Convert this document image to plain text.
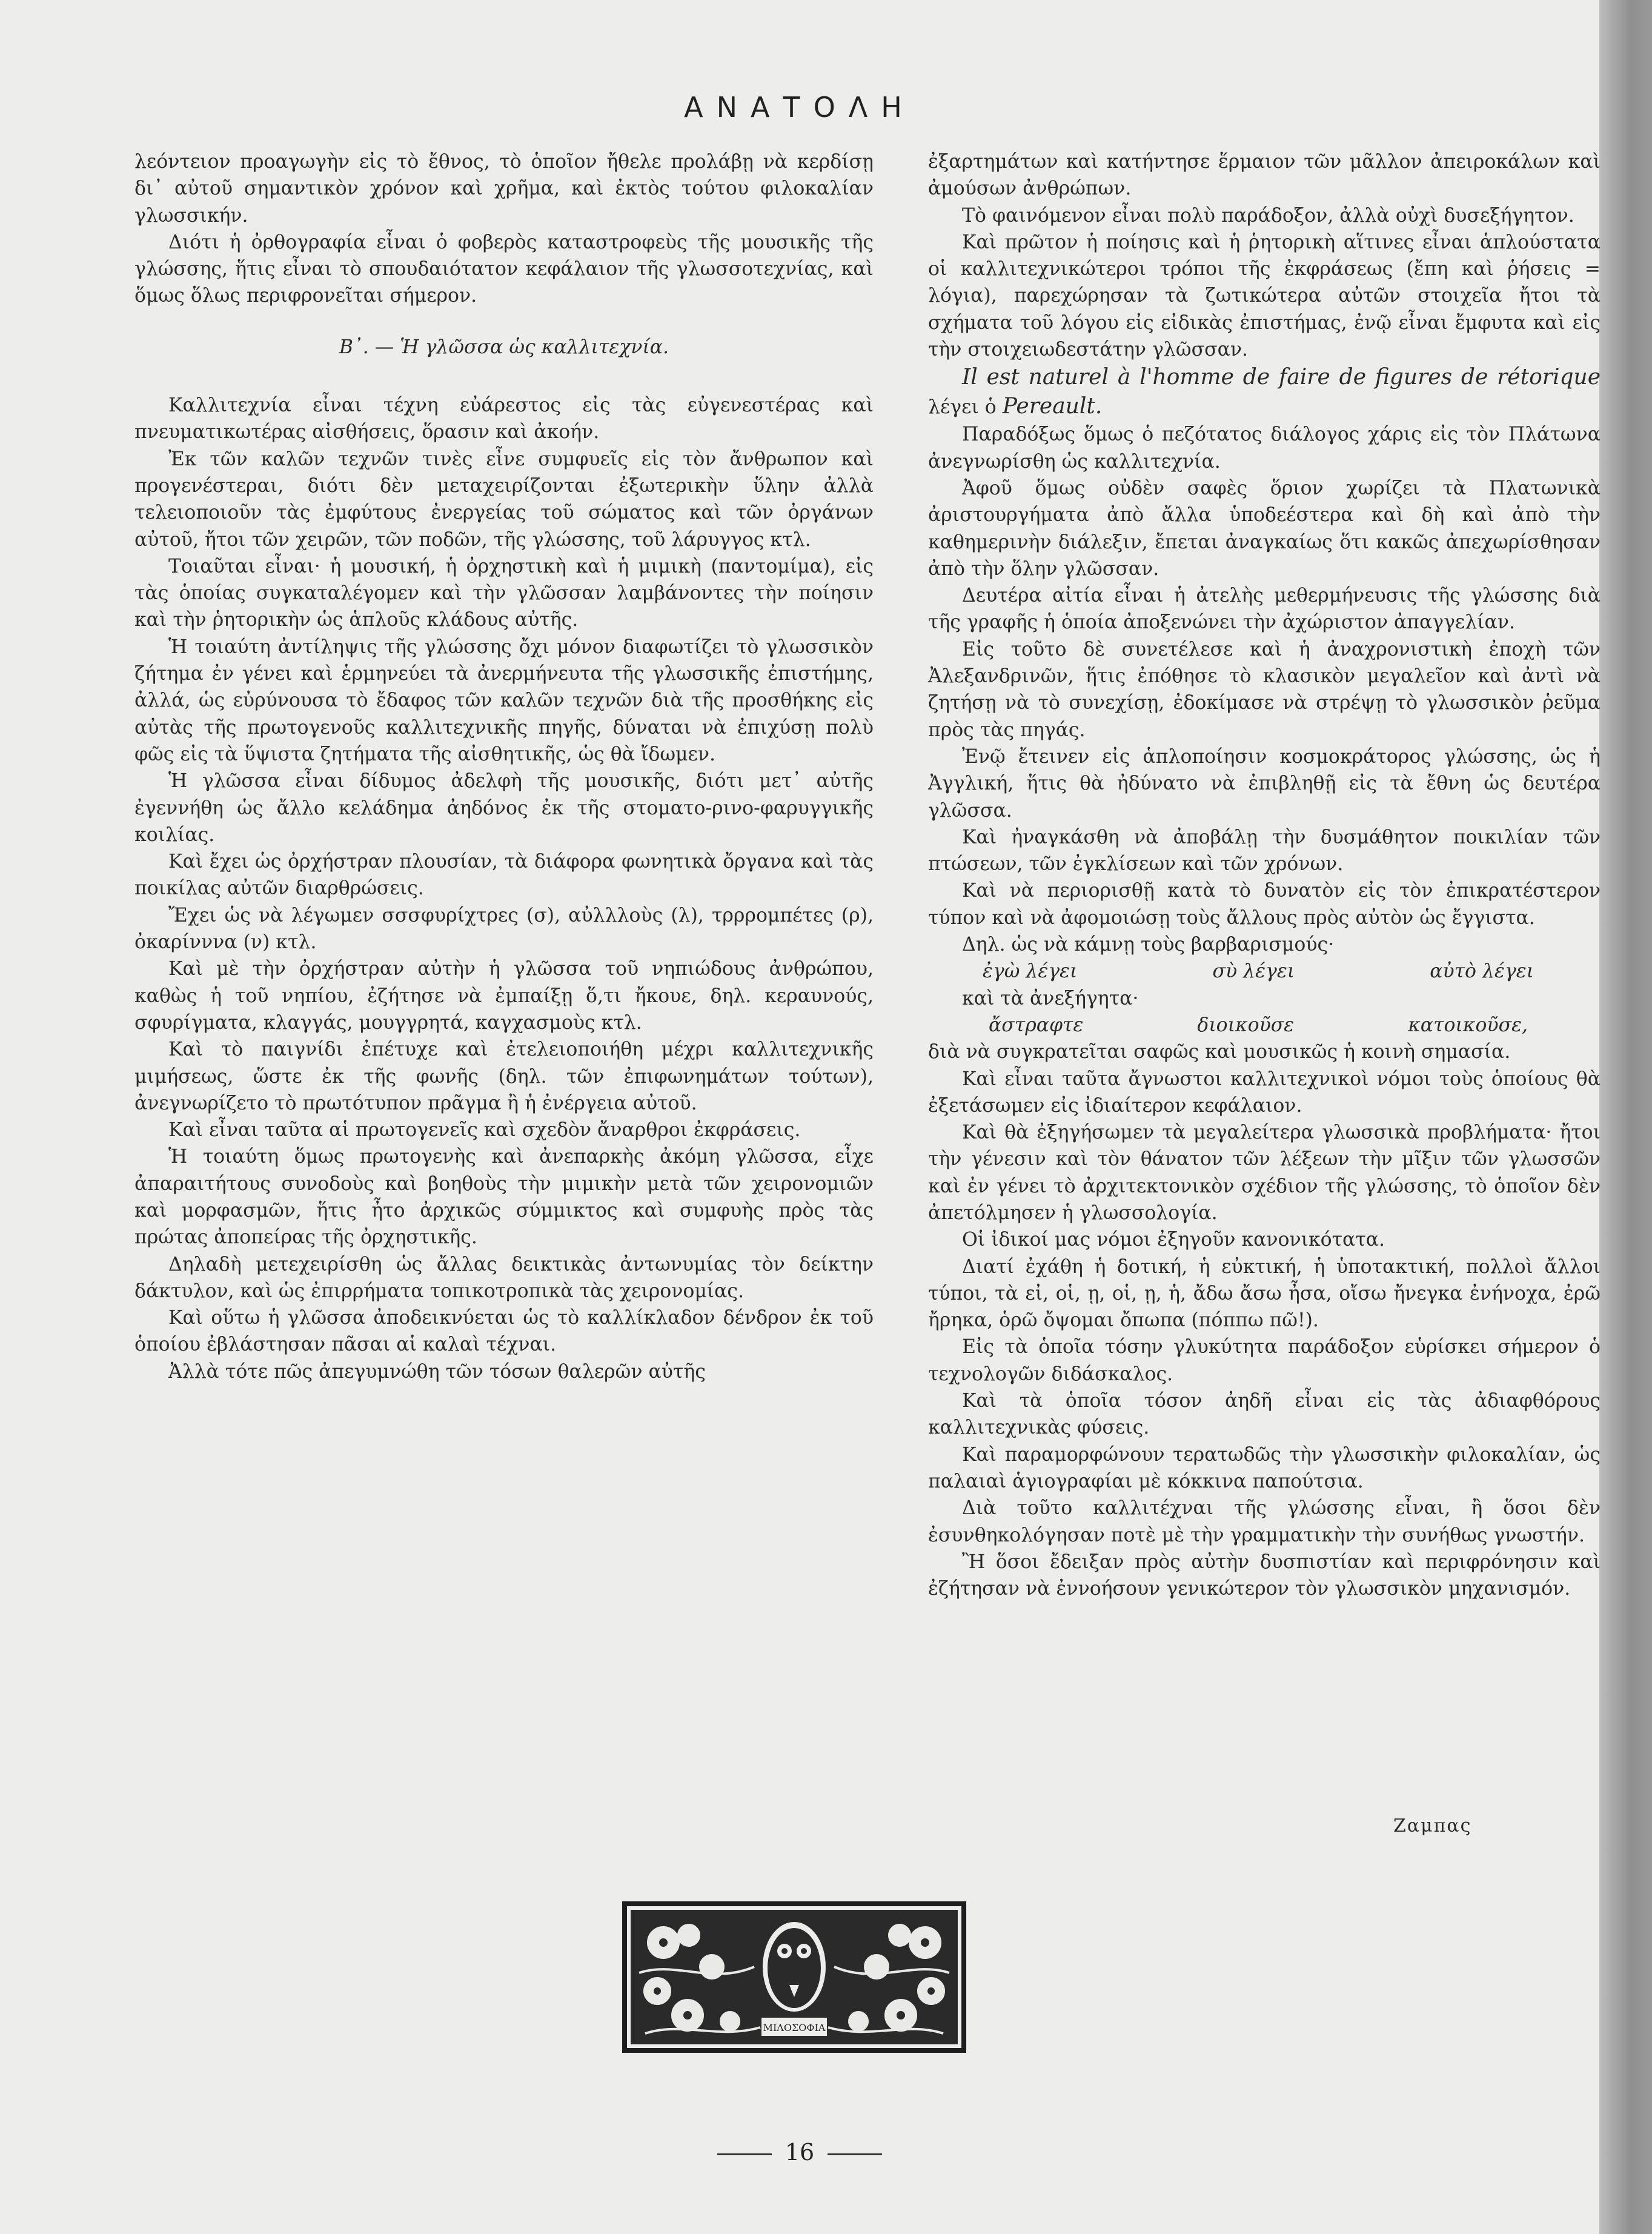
ΑΝΑΤΟΛΗ

λεόντειον προαγωγὴν εἰς τὸ ἔθνος, τὸ ὁποῖον ἤθελε προλάβῃ νὰ κερδίσῃ δι᾽ αὐτοῦ σημαντικὸν χρόνον καὶ χρῆμα, καὶ ἐκτὸς τούτου φιλοκαλίαν γλωσσικήν.

Διότι ἡ ὀρθογραφία εἶναι ὁ φοβερὸς καταστροφεὺς τῆς μουσικῆς τῆς γλώσσης, ἥτις εἶναι τὸ σπουδαιότατον κεφάλαιον τῆς γλωσσοτεχνίας, καὶ ὅμως ὅλως περιφρονεῖται σήμερον.

Β᾽. — Ἡ γλῶσσα ὡς καλλιτεχνία.

Καλλιτεχνία εἶναι τέχνη εὐάρεστος εἰς τὰς εὐγενεστέρας καὶ πνευματικωτέρας αἰσθήσεις, ὅρασιν καὶ ἀκοήν.

Ἐκ τῶν καλῶν τεχνῶν τινὲς εἶνε συμφυεῖς εἰς τὸν ἄνθρωπον καὶ προγενέστεραι, διότι δὲν μεταχειρίζονται ἐξωτερικὴν ὕλην ἀλλὰ τελειοποιοῦν τὰς ἐμφύτους ἐνεργείας τοῦ σώματος καὶ τῶν ὀργάνων αὐτοῦ, ἤτοι τῶν χειρῶν, τῶν ποδῶν, τῆς γλώσσης, τοῦ λάρυγγος κτλ.

Τοιαῦται εἶναι· ἡ μουσική, ἡ ὀρχηστικὴ καὶ ἡ μιμικὴ (παντομίμα), εἰς τὰς ὁποίας συγκαταλέγομεν καὶ τὴν γλῶσσαν λαμβάνοντες τὴν ποίησιν καὶ τὴν ῥητορικὴν ὡς ἁπλοῦς κλάδους αὐτῆς.

Ἡ τοιαύτη ἀντίληψις τῆς γλώσσης ὄχι μόνον διαφωτίζει τὸ γλωσσικὸν ζήτημα ἐν γένει καὶ ἑρμηνεύει τὰ ἀνερμήνευτα τῆς γλωσσικῆς ἐπιστήμης, ἀλλά, ὡς εὐρύνουσα τὸ ἔδαφος τῶν καλῶν τεχνῶν διὰ τῆς προσθήκης εἰς αὐτὰς τῆς πρωτογενοῦς καλλιτεχνικῆς πηγῆς, δύναται νὰ ἐπιχύσῃ πολὺ φῶς εἰς τὰ ὕψιστα ζητήματα τῆς αἰσθητικῆς, ὡς θὰ ἴδωμεν.

Ἡ γλῶσσα εἶναι δίδυμος ἀδελφὴ τῆς μουσικῆς, διότι μετ᾽ αὐτῆς ἐγεννήθη ὡς ἄλλο κελάδημα ἀηδόνος ἐκ τῆς στοματο-ρινο-φαρυγγικῆς κοιλίας.

Καὶ ἔχει ὡς ὀρχήστραν πλουσίαν, τὰ διάφορα φωνητικὰ ὄργανα καὶ τὰς ποικίλας αὐτῶν διαρθρώσεις.

Ἔχει ὡς νὰ λέγωμεν σσσφυρίχτρες (σ), αὐλλλοὺς (λ), τρρρομπέτες (ρ), ὀκαρίνννα (ν) κτλ.

Καὶ μὲ τὴν ὀρχήστραν αὐτὴν ἡ γλῶσσα τοῦ νηπιώδους ἀνθρώπου, καθὼς ἡ τοῦ νηπίου, ἐζήτησε νὰ ἐμπαίξῃ ὅ,τι ἤκουε, δηλ. κεραυνούς, σφυρίγματα, κλαγγάς, μουγγρητά, καγχασμοὺς κτλ.

Καὶ τὸ παιγνίδι ἐπέτυχε καὶ ἐτελειοποιήθη μέχρι καλλιτεχνικῆς μιμήσεως, ὥστε ἐκ τῆς φωνῆς (δηλ. τῶν ἐπιφωνημάτων τούτων), ἀνεγνωρίζετο τὸ πρωτότυπον πρᾶγμα ἢ ἡ ἐνέργεια αὐτοῦ.

Καὶ εἶναι ταῦτα αἱ πρωτογενεῖς καὶ σχεδὸν ἄναρθροι ἐκφράσεις.

Ἡ τοιαύτη ὅμως πρωτογενὴς καὶ ἀνεπαρκὴς ἀκόμη γλῶσσα, εἶχε ἀπαραιτήτους συνοδοὺς καὶ βοηθοὺς τὴν μιμικὴν μετὰ τῶν χειρονομιῶν καὶ μορφασμῶν, ἥτις ἦτο ἀρχικῶς σύμμικτος καὶ συμφυὴς πρὸς τὰς πρώτας ἀποπείρας τῆς ὀρχηστικῆς.

Δηλαδὴ μετεχειρίσθη ὡς ἄλλας δεικτικὰς ἀντωνυμίας τὸν δείκτην δάκτυλον, καὶ ὡς ἐπιρρήματα τοπικοτροπικὰ τὰς χειρονομίας.

Καὶ οὕτω ἡ γλῶσσα ἀποδεικνύεται ὡς τὸ καλλίκλαδον δένδρον ἐκ τοῦ ὁποίου ἐβλάστησαν πᾶσαι αἱ καλαὶ τέχναι.

Ἀλλὰ τότε πῶς ἀπεγυμνώθη τῶν τόσων θαλερῶν αὐτῆς

ἐξαρτημάτων καὶ κατήντησε ἕρμαιον τῶν μᾶλλον ἀπειροκάλων καὶ ἀμούσων ἀνθρώπων.

Τὸ φαινόμενον εἶναι πολὺ παράδοξον, ἀλλὰ οὐχὶ δυσεξήγητον.

Καὶ πρῶτον ἡ ποίησις καὶ ἡ ῥητορικὴ αἵτινες εἶναι ἁπλούστατα οἱ καλλιτεχνικώτεροι τρόποι τῆς ἐκφράσεως (ἔπη καὶ ῥήσεις = λόγια), παρεχώρησαν τὰ ζωτικώτερα αὐτῶν στοιχεῖα ἤτοι τὰ σχήματα τοῦ λόγου εἰς εἰδικὰς ἐπιστήμας, ἐνῷ εἶναι ἔμφυτα καὶ εἰς τὴν στοιχειωδεστάτην γλῶσσαν.

Il est naturel à l'homme de faire de figures de rétorique λέγει ὁ Pereault.

Παραδόξως ὅμως ὁ πεζότατος διάλογος χάρις εἰς τὸν Πλάτωνα ἀνεγνωρίσθη ὡς καλλιτεχνία.

Ἀφοῦ ὅμως οὐδὲν σαφὲς ὅριον χωρίζει τὰ Πλατωνικὰ ἀριστουργήματα ἀπὸ ἄλλα ὑποδεέστερα καὶ δὴ καὶ ἀπὸ τὴν καθημερινὴν διάλεξιν, ἔπεται ἀναγκαίως ὅτι κακῶς ἀπεχωρίσθησαν ἀπὸ τὴν ὅλην γλῶσσαν.

Δευτέρα αἰτία εἶναι ἡ ἀτελὴς μεθερμήνευσις τῆς γλώσσης διὰ τῆς γραφῆς ἡ ὁποία ἀποξενώνει τὴν ἀχώριστον ἀπαγγελίαν.

Εἰς τοῦτο δὲ συνετέλεσε καὶ ἡ ἀναχρονιστικὴ ἐποχὴ τῶν Ἀλεξανδρινῶν, ἥτις ἐπόθησε τὸ κλασικὸν μεγαλεῖον καὶ ἀντὶ νὰ ζητήσῃ νὰ τὸ συνεχίσῃ, ἐδοκίμασε νὰ στρέψῃ τὸ γλωσσικὸν ῥεῦμα πρὸς τὰς πηγάς.

Ἐνῷ ἔτεινεν εἰς ἁπλοποίησιν κοσμοκράτορος γλώσσης, ὡς ἡ Ἀγγλική, ἥτις θὰ ἠδύνατο νὰ ἐπιβληθῇ εἰς τὰ ἔθνη ὡς δευτέρα γλῶσσα.

Καὶ ἠναγκάσθη νὰ ἀποβάλῃ τὴν δυσμάθητον ποικιλίαν τῶν πτώσεων, τῶν ἐγκλίσεων καὶ τῶν χρόνων.

Καὶ νὰ περιορισθῇ κατὰ τὸ δυνατὸν εἰς τὸν ἐπικρατέστερον τύπον καὶ νὰ ἀφομοιώσῃ τοὺς ἄλλους πρὸς αὐτὸν ὡς ἔγγιστα.

Δηλ. ὡς νὰ κάμνῃ τοὺς βαρβαρισμούς·

ἐγὼ λέγει	σὺ λέγει	αὐτὸ λέγει

καὶ τὰ ἀνεξήγητα·

ἄστραφτε	διοικοῦσε	κατοικοῦσε,

διὰ νὰ συγκρατεῖται σαφῶς καὶ μουσικῶς ἡ κοινὴ σημασία.

Καὶ εἶναι ταῦτα ἄγνωστοι καλλιτεχνικοὶ νόμοι τοὺς ὁποίους θὰ ἐξετάσωμεν εἰς ἰδιαίτερον κεφάλαιον.

Καὶ θὰ ἐξηγήσωμεν τὰ μεγαλείτερα γλωσσικὰ προβλήματα· ἤτοι τὴν γένεσιν καὶ τὸν θάνατον τῶν λέξεων τὴν μῖξιν τῶν γλωσσῶν καὶ ἐν γένει τὸ ἀρχιτεκτονικὸν σχέδιον τῆς γλώσσης, τὸ ὁποῖον δὲν ἀπετόλμησεν ἡ γλωσσολογία.

Οἱ ἰδικοί μας νόμοι ἐξηγοῦν κανονικότατα.

Διατί ἐχάθη ἡ δοτική, ἡ εὐκτική, ἡ ὑποτακτική, πολλοὶ ἄλλοι τύποι, τὰ εἰ, οἱ, ῃ, οἱ, ῃ, ἡ, ἄδω ἄσω ἦσα, οἴσω ἤνεγκα ἐνήνοχα, ἐρῶ ἤρηκα, ὁρῶ ὄψομαι ὄπωπα (πόππω πῶ!).

Εἰς τὰ ὁποῖα τόσην γλυκύτητα παράδοξον εὑρίσκει σήμερον ὁ τεχνολογῶν διδάσκαλος.

Καὶ τὰ ὁποῖα τόσον ἀηδῆ εἶναι εἰς τὰς ἀδιαφθόρους καλλιτεχνικὰς φύσεις.

Καὶ παραμορφώνουν τερατωδῶς τὴν γλωσσικὴν φιλοκαλίαν, ὡς παλαιαὶ ἁγιογραφίαι μὲ κόκκινα παπούτσια.

Διὰ τοῦτο καλλιτέχναι τῆς γλώσσης εἶναι, ἢ ὅσοι δὲν ἐσυνθηκολόγησαν ποτὲ μὲ τὴν γραμματικὴν τὴν συνήθως γνωστήν.

Ἢ ὅσοι ἔδειξαν πρὸς αὐτὴν δυσπιστίαν καὶ περιφρόνησιν καὶ ἐζήτησαν νὰ ἐννοήσουν γενικώτερον τὸν γλωσσικὸν μηχανισμόν.

Ζαμπας
ΜΙΛΟΣΟΦΙΑ
16
